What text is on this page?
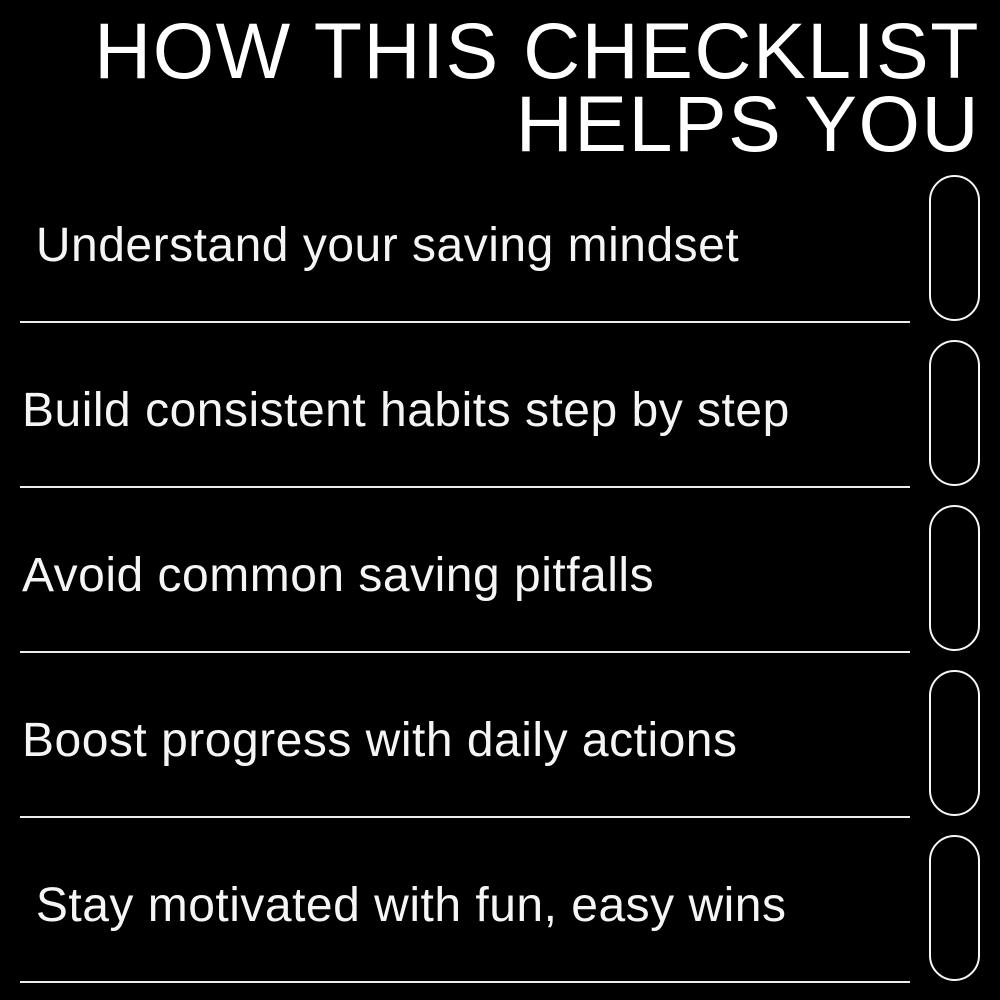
HOW THIS CHECKLIST
HELPS YOU
Understand your saving mindset
Build consistent habits step by step
Avoid common saving pitfalls
Boost progress with daily actions
Stay motivated with fun, easy wins
